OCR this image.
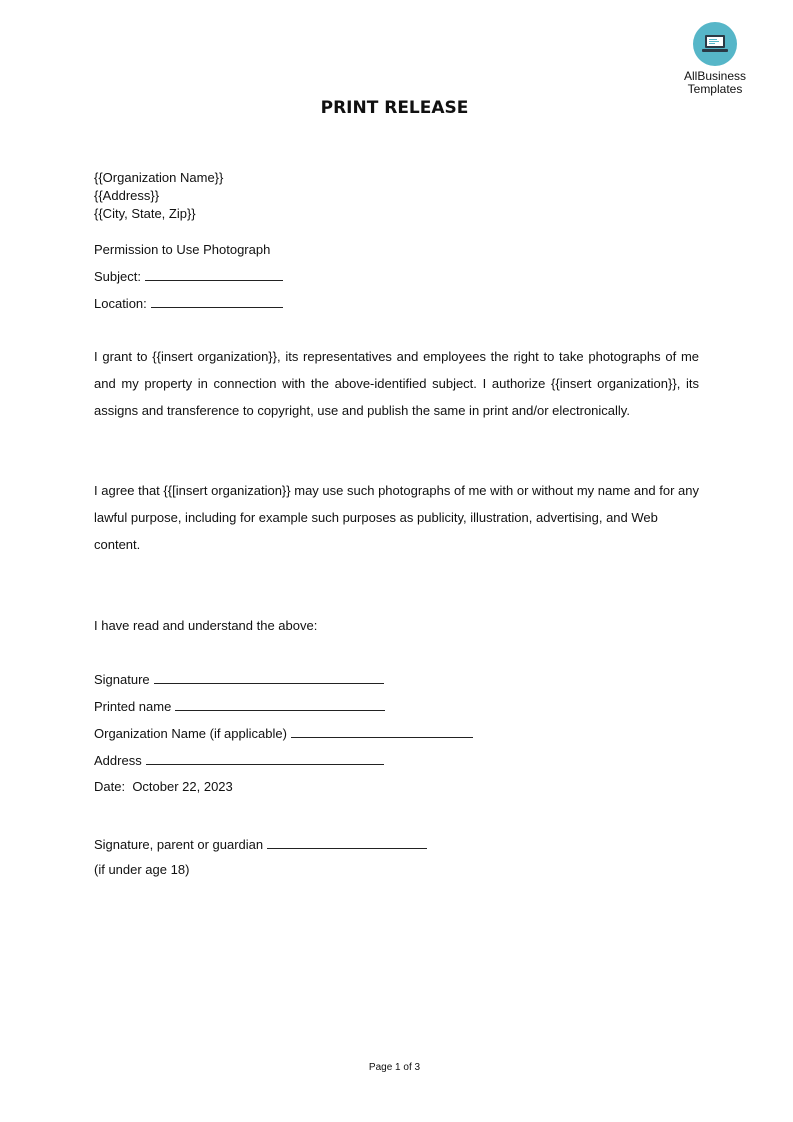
AllBusiness
Templates
PRINT RELEASE
{{Organization Name}}
{{Address}}
{{City, State, Zip}}
Permission to Use Photograph
Subject:
Location:

I grant to {{insert organization}}, its representatives and employees the right to take photographs of me and my property in connection with the above-identified subject. I authorize {{insert organization}}, its assigns and transference to copyright, use and publish the same in print and/or electronically.

I agree that {{[insert organization}} may use such photographs of me with or without my name and for any lawful purpose, including for example such purposes as publicity, illustration, advertising, and Web

content.

I have read and understand the above:
Signature
Printed name
Organization Name (if applicable)
Address
Date: October 22, 2023
Signature, parent or guardian
(if under age 18)
Page 1 of 3
